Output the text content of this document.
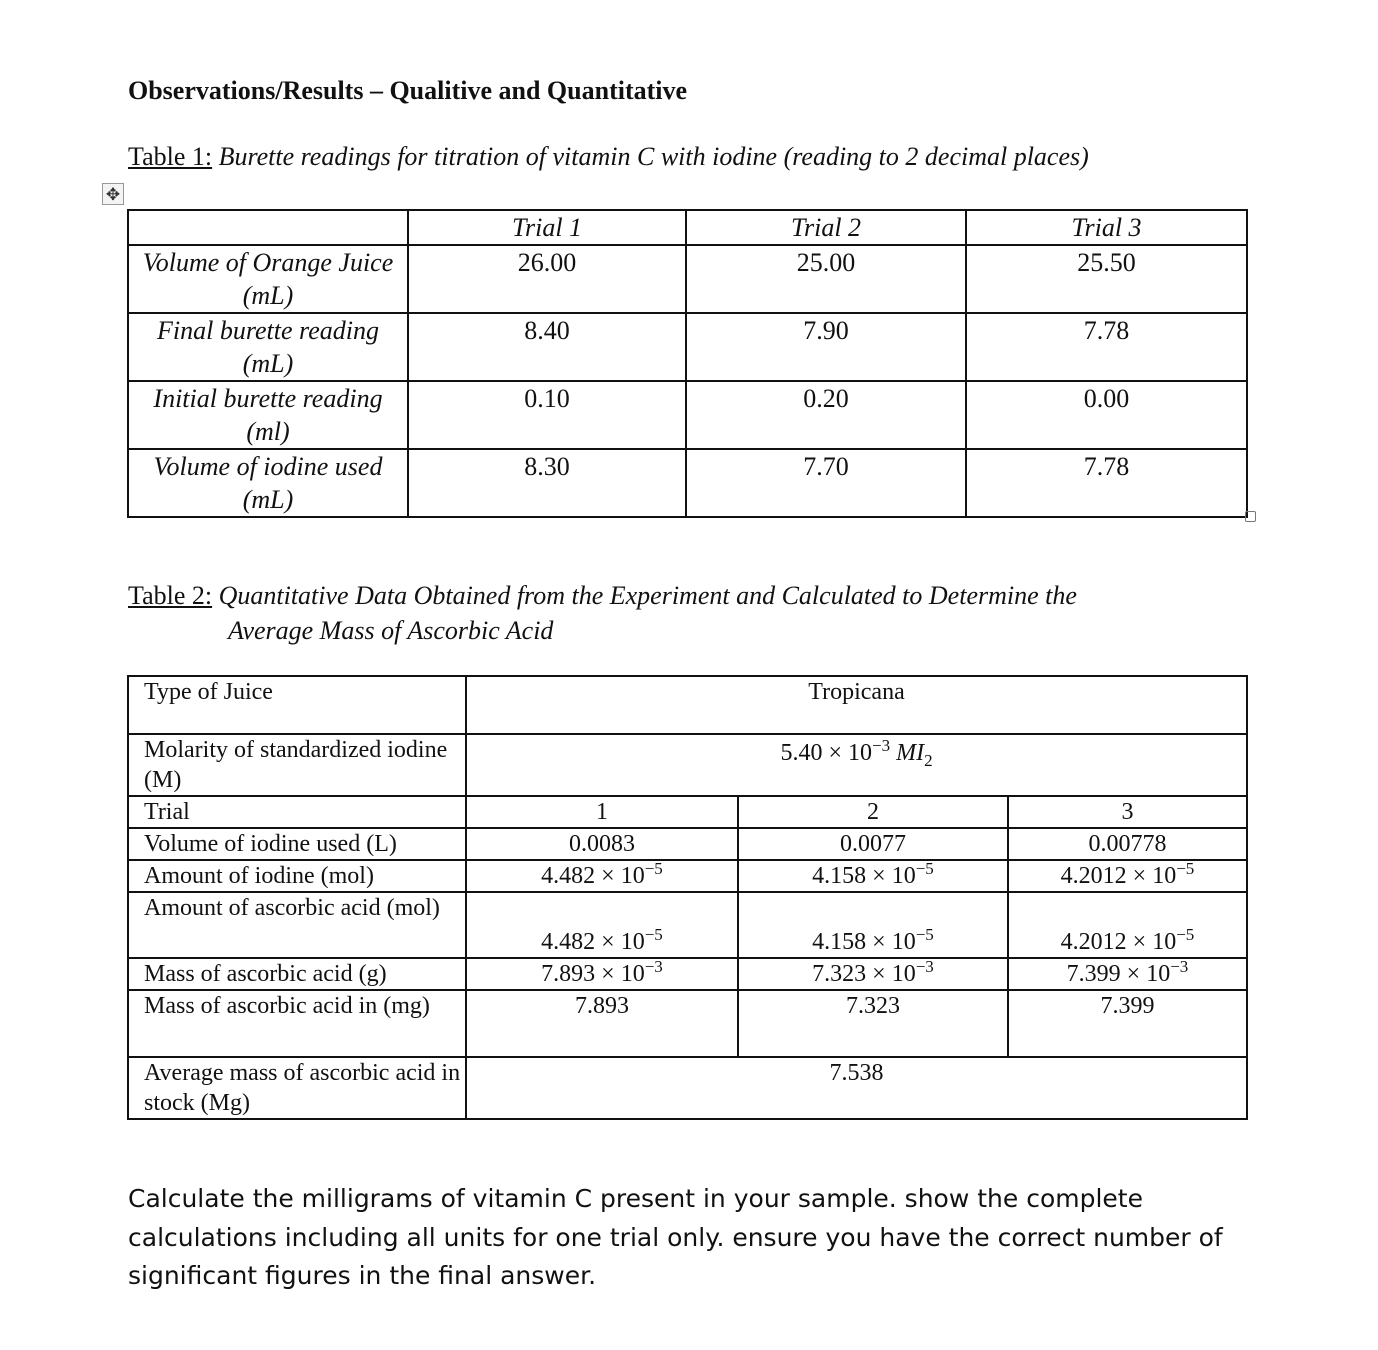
Observations/Results – Qualitive and Quantitative
Table 1: Burette readings for titration of vitamin C with iodine (reading to 2 decimal places)
✥
	Trial 1	Trial 2	Trial 3
Volume of Orange Juice (mL)	26.00	25.00	25.50
Final burette reading (mL)	8.40	7.90	7.78
Initial burette reading (ml)	0.10	0.20	0.00
Volume of iodine used (mL)	8.30	7.70	7.78
Table 2: Quantitative Data Obtained from the Experiment and Calculated to Determine the
Average Mass of Ascorbic Acid
Type of Juice	Tropicana		
Molarity of standardized iodine (M)	$5.40 \times 10^{-3}$ $MI_2$
Trial	1	2	3
Volume of iodine used (L)	0.0083	0.0077	0.00778
Amount of iodine (mol)	$4.482 \times 10^{-5}$	$4.158 \times 10^{-5}$	$4.2012 \times 10^{-5}$
Amount of ascorbic acid (mol)	$4.482 \times 10^{-5}$	$4.158 \times 10^{-5}$	$4.2012 \times 10^{-5}$
Mass of ascorbic acid (g)	$7.893 \times 10^{-3}$	$7.323 \times 10^{-3}$	$7.399 \times 10^{-3}$
Mass of ascorbic acid in (mg)	7.893	7.323	7.399
Average mass of ascorbic acid in stock (Mg)	7.538		
Calculate the milligrams of vitamin C present in your sample. show the complete calculations including all units for one trial only. ensure you have the correct number of significant figures in the final answer.
